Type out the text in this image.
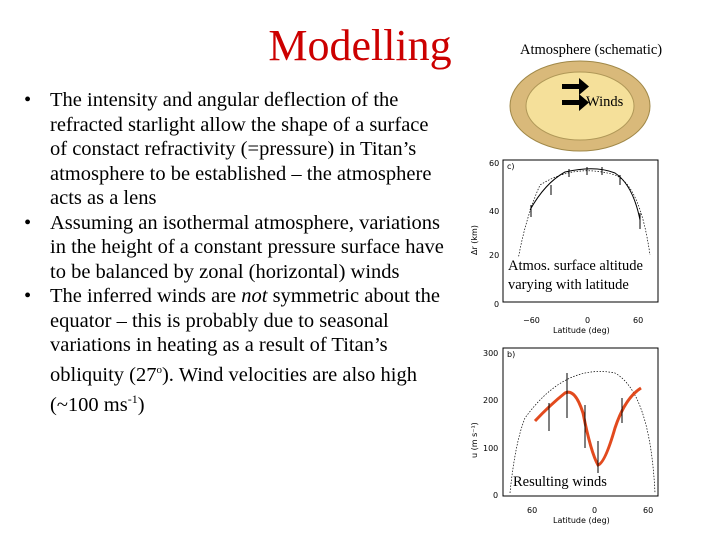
Modelling
• The intensity and angular deflection of the refracted starlight allow the shape of a surface of constact refractivity (=pressure) in Titan’s atmosphere to be established – the atmosphere acts as a lens
• Assuming an isothermal atmosphere, variations in the height of a constant pressure surface have to be balanced by zonal (horizontal) winds
• The inferred winds are not symmetric about the equator – this is probably due to seasonal variations in heating as a result of Titan’s obliquity (27$^o$). Wind velocities are also high (~100 $ms^{-1}$)
Atmosphere (schematic)
Winds
60
40
20
0
c)
Δr (km)
−60	0	60
Latitude (deg)
Atmos. surface altitude
varying with latitude
300
200
100
0
b)
u (m s⁻¹)
60	0	60
Latitude (deg)
Resulting winds
